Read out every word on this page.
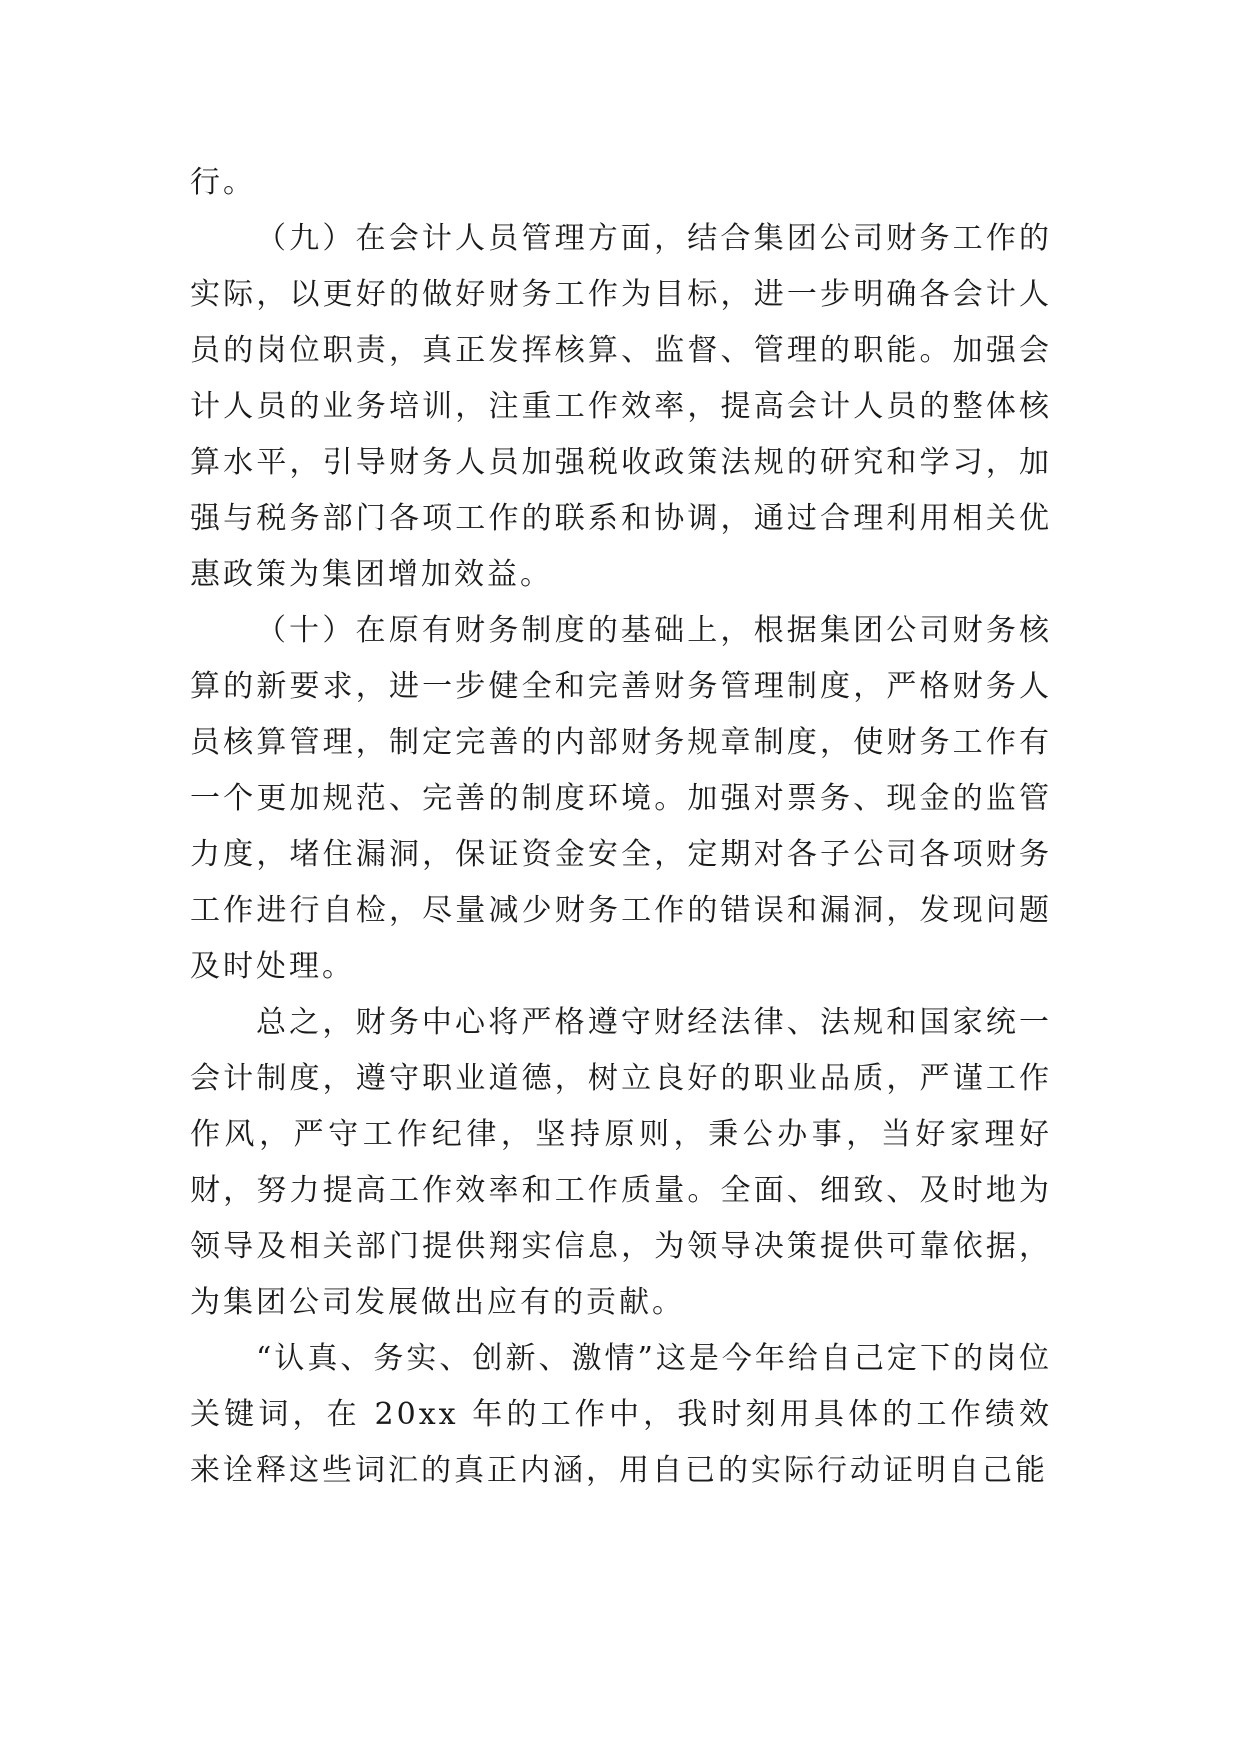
行。

（九）在会计人员管理方面，结合集团公司财务工作的实际，以更好的做好财务工作为目标，进一步明确各会计人员的岗位职责，真正发挥核算、监督、管理的职能。加强会计人员的业务培训，注重工作效率，提高会计人员的整体核算水平，引导财务人员加强税收政策法规的研究和学习，加强与税务部门各项工作的联系和协调，通过合理利用相关优惠政策为集团增加效益。

（十）在原有财务制度的基础上，根据集团公司财务核算的新要求，进一步健全和完善财务管理制度，严格财务人员核算管理，制定完善的内部财务规章制度，使财务工作有一个更加规范、完善的制度环境。加强对票务、现金的监管力度，堵住漏洞，保证资金安全，定期对各子公司各项财务工作进行自检，尽量减少财务工作的错误和漏洞，发现问题及时处理。

总之，财务中心将严格遵守财经法律、法规和国家统一会计制度，遵守职业道德，树立良好的职业品质，严谨工作作风，严守工作纪律，坚持原则，秉公办事，当好家理好财，努力提高工作效率和工作质量。全面、细致、及时地为领导及相关部门提供翔实信息，为领导决策提供可靠依据，为集团公司发展做出应有的贡献。

“认真、务实、创新、激情”这是今年给自己定下的岗位关键词，在 20xx 年的工作中，我时刻用具体的工作绩效来诠释这些词汇的真正内涵，用自已的实际行动证明自己能
